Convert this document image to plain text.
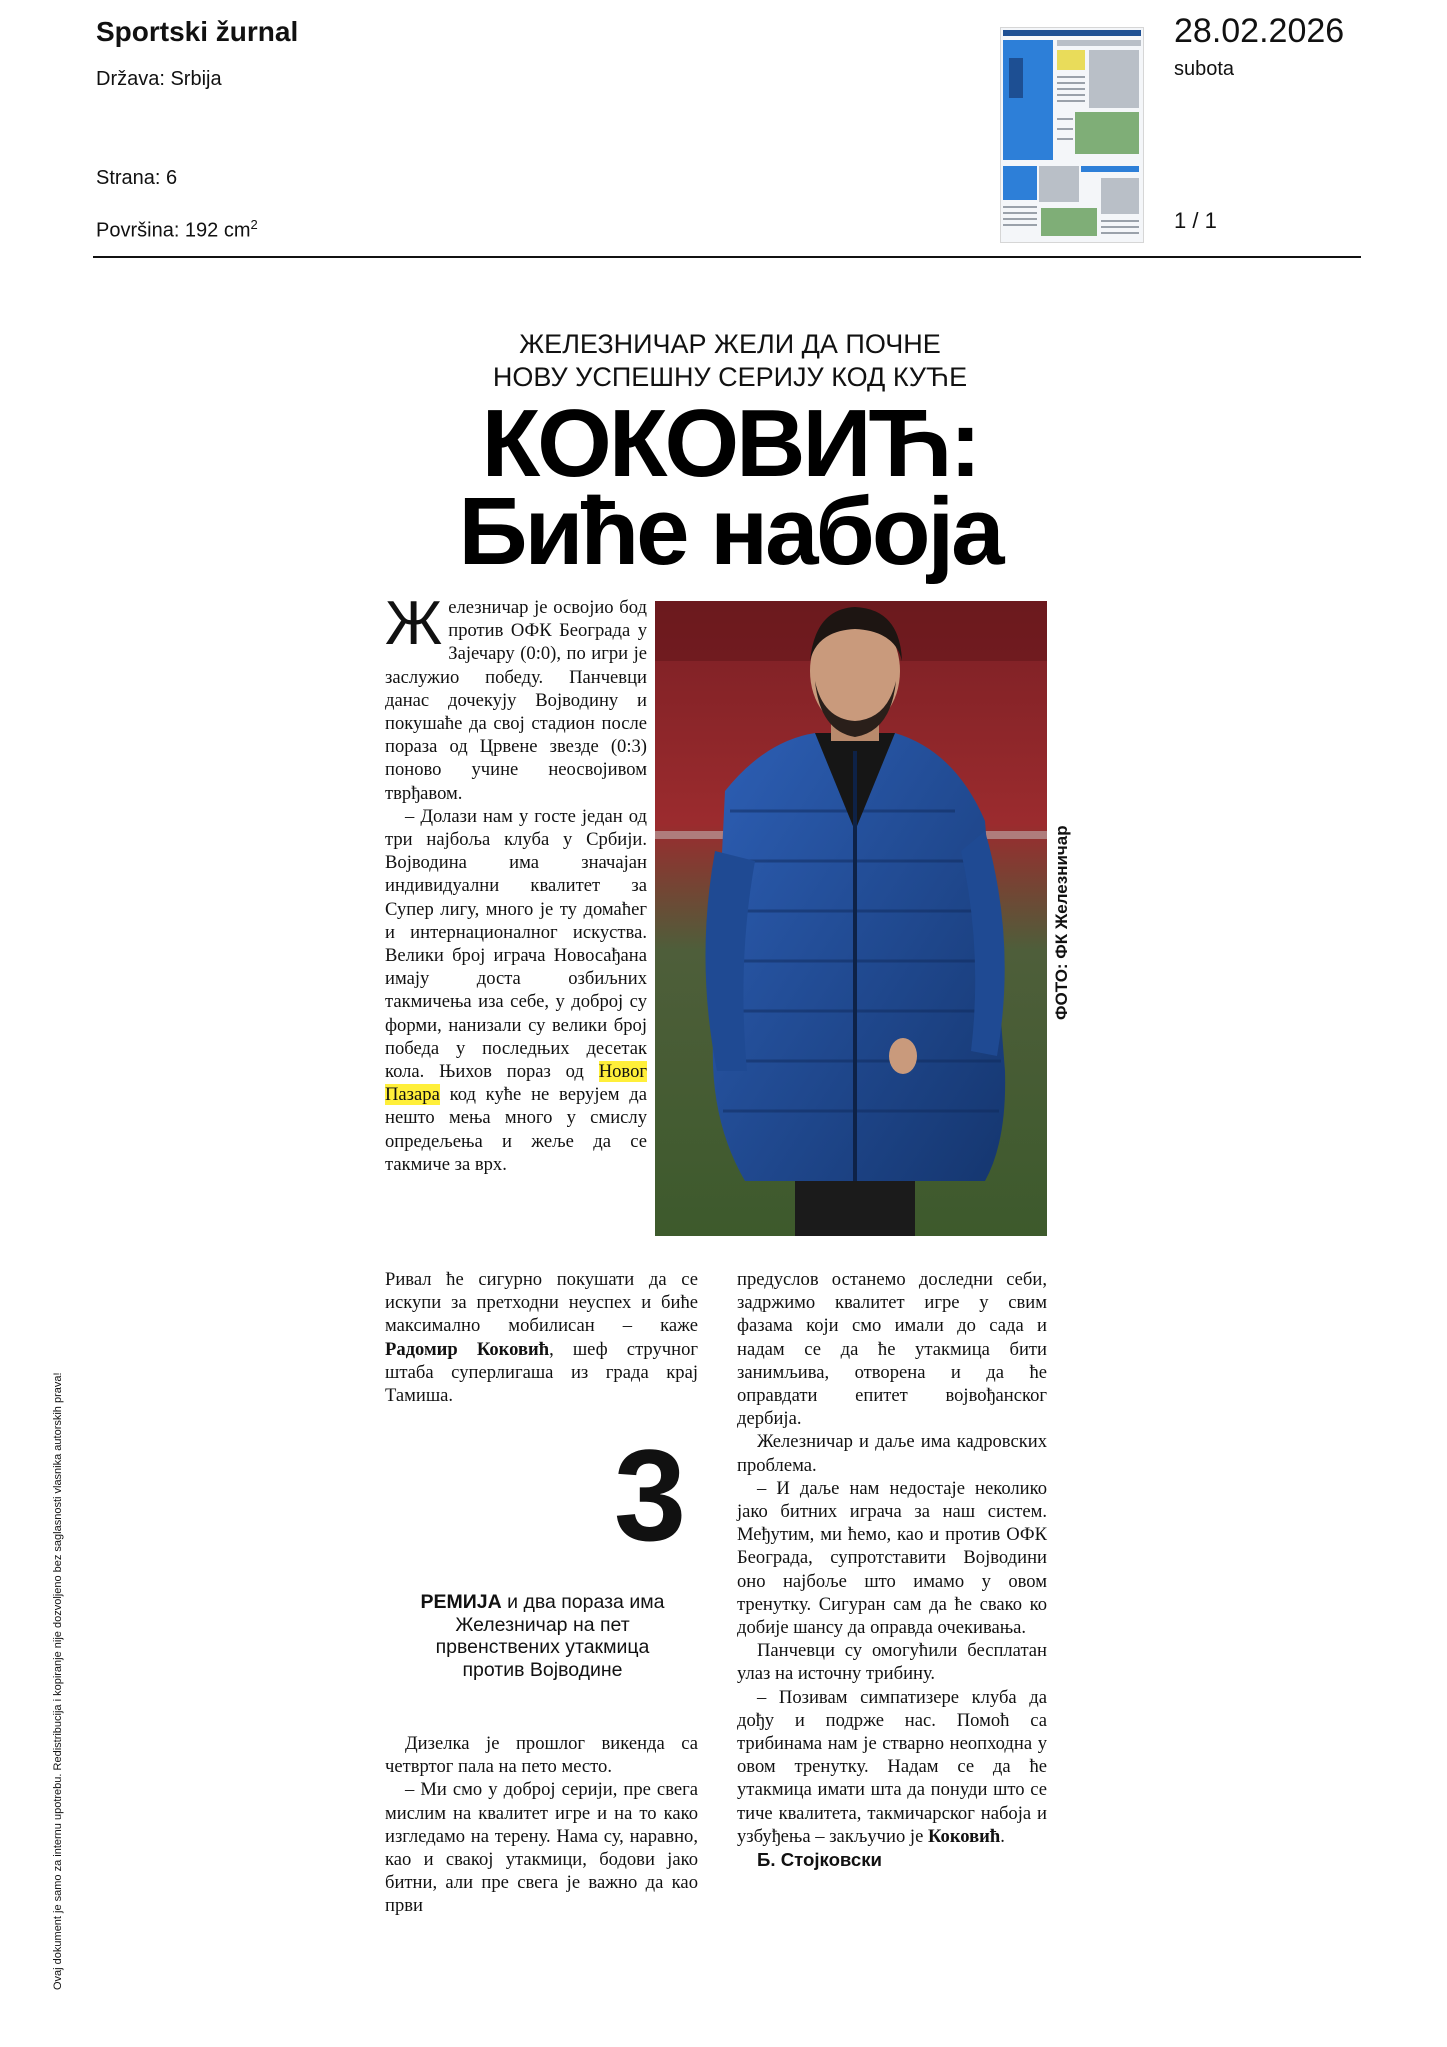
Sportski žurnal
Država: Srbija
Strana: 6
Površina: 192 $cm^2$
28.02.2026
subota
1 / 1
ЖЕЛЕЗНИЧАР ЖЕЛИ ДА ПОЧНЕ
НОВУ УСПЕШНУ СЕРИЈУ КОД КУЋЕ
КОКОВИЋ:
Биће набоја

Железничар је освојио бод против ОФК Београда у Зајечару (0:0), по игри је заслужио победу. Панчевци данас дочекују Војводину и покушаће да свој стадион после пораза од Црвене звезде (0:3) поново учине неосвојивом тврђавом.

– Долази нам у госте један од три најбоља клуба у Србији. Војводина има значајан индивидуални квалитет за Супер лигу, много је ту домаћег и интернационалног искуства. Велики број играча Новосађана имају доста озбиљних такмичења иза себе, у доброј су форми, нанизали су велики број победа у последњих десетак кола. Њихов пораз од Новог Пазара код куће не верујем да нешто мења много у смислу опредељења и жеље да се такмиче за врх.

ФОТО: ФК Железничар

Ривал ће сигурно покушати да се искупи за претходни неуспех и биће максимално мобилисан – каже Радомир Коковић, шеф стручног штаба суперлигаша из града крај Тамиша.

3
РЕМИЈА и два пораза има Железничар на пет првенствених утакмица против Војводине

Дизелка је прошлог викенда са четвртог пала на пето место.

– Ми смо у доброј серији, пре свега мислим на квалитет игре и на то како изгледамо на терену. Нама су, наравно, као и свакој утакмици, бодови јако битни, али пре свега је важно да као први

предуслов останемо доследни себи, задржимо квалитет игре у свим фазама који смо имали до сада и надам се да ће утакмица бити занимљива, отворена и да ће оправдати епитет војвођанског дербија.

Железничар и даље има кадровских проблема.

– И даље нам недостаје неколико јако битних играча за наш систем. Међутим, ми ћемо, као и против ОФК Београда, супротставити Војводини оно најбоље што имамо у овом тренутку. Сигуран сам да ће свако ко добије шансу да оправда очекивања.

Панчевци су омогућили бесплатан улаз на источну трибину.

– Позивам симпатизере клуба да дођу и подрже нас. Помоћ са трибинама нам је стварно неопходна у овом тренутку. Надам се да ће утакмица имати шта да понуди што се тиче квалитета, такмичарског набоја и узбуђења – закључио је Коковић.

Б. Стојковски

Ovaj dokument je samo za internu upotrebu. Redistribucija i kopiranje nije dozvoljeno bez saglasnosti vlasnika autorskih prava!
